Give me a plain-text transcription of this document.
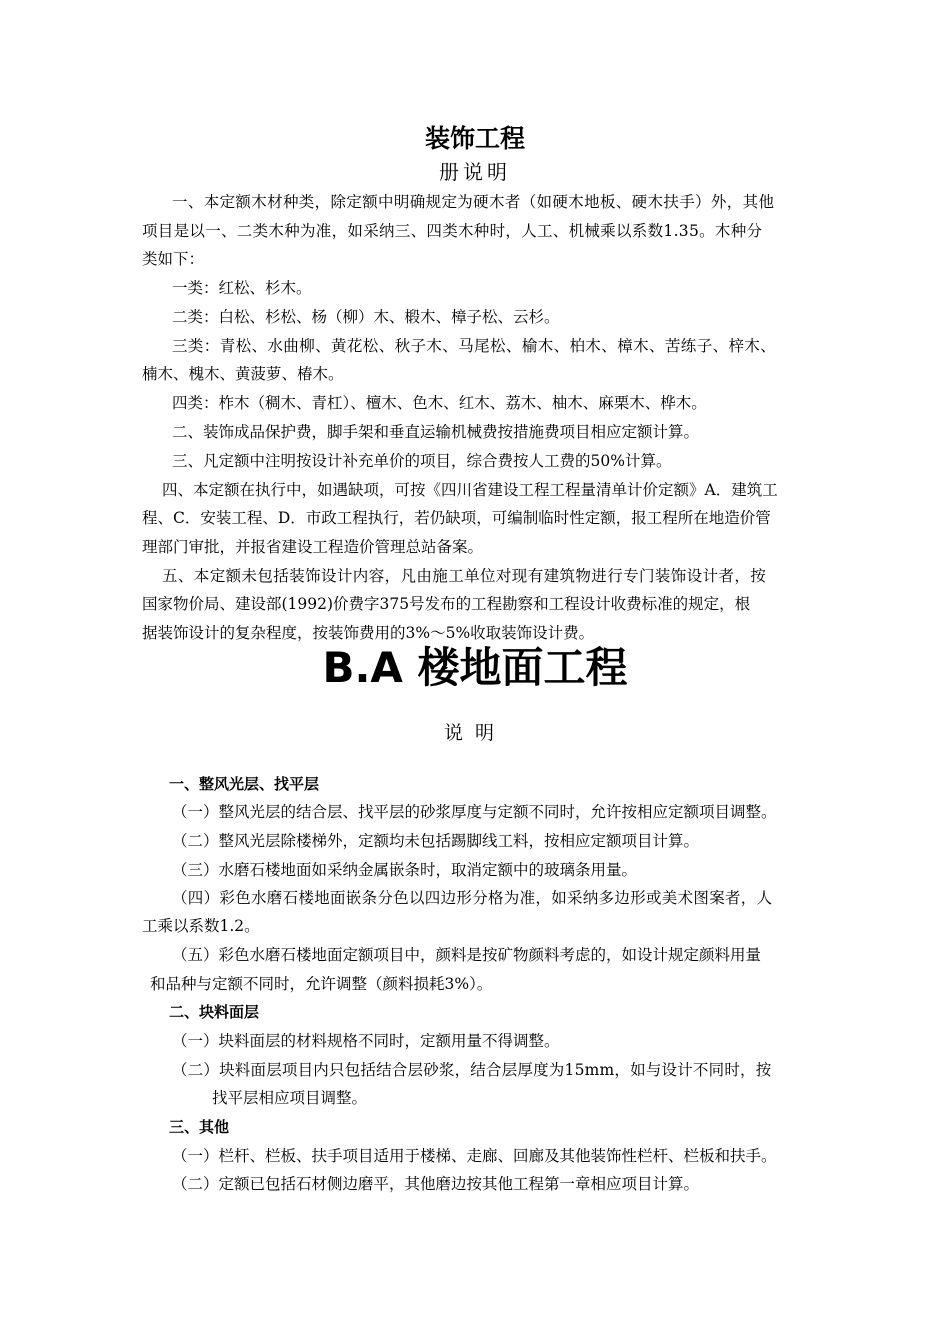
装饰工程
册说明
一、本定额木材种类，除定额中明确规定为硬木者（如硬木地板、硬木扶手）外，其他
项目是以一、二类木种为准，如采纳三、四类木种时，人工、机械乘以系数1.35。木种分
类如下：
一类：红松、杉木。
二类：白松、杉松、杨（柳）木、椴木、樟子松、云杉。
三类：青松、水曲柳、黄花松、秋子木、马尾松、榆木、柏木、樟木、苦练子、梓木、
楠木、槐木、黄菠萝、椿木。
四类：柞木（稠木、青杠）、檀木、色木、红木、荔木、柚木、麻栗木、桦木。
二、装饰成品保护费，脚手架和垂直运输机械费按措施费项目相应定额计算。
三、凡定额中注明按设计补充单价的项目，综合费按人工费的50%计算。
四、本定额在执行中，如遇缺项，可按《四川省建设工程工程量清单计价定额》A．建筑工
程、C．安装工程、D．市政工程执行，若仍缺项，可编制临时性定额，报工程所在地造价管
理部门审批，并报省建设工程造价管理总站备案。
五、本定额未包括装饰设计内容，凡由施工单位对现有建筑物进行专门装饰设计者，按
国家物价局、建设部(1992)价费字375号发布的工程勘察和工程设计收费标准的规定，根
据装饰设计的复杂程度，按装饰费用的3%～5%收取装饰设计费。
B.A 楼地面工程
说明
一、整风光层、找平层
（一）整风光层的结合层、找平层的砂浆厚度与定额不同时，允许按相应定额项目调整。
（二）整风光层除楼梯外，定额均未包括踢脚线工料，按相应定额项目计算。
（三）水磨石楼地面如采纳金属嵌条时，取消定额中的玻璃条用量。
（四）彩色水磨石楼地面嵌条分色以四边形分格为准，如采纳多边形或美术图案者，人
工乘以系数1.2。
（五）彩色水磨石楼地面定额项目中，颜料是按矿物颜料考虑的，如设计规定颜料用量
和品种与定额不同时，允许调整（颜料损耗3%）。
二、块料面层
（一）块料面层的材料规格不同时，定额用量不得调整。
（二）块料面层项目内只包括结合层砂浆，结合层厚度为15mm，如与设计不同时，按
找平层相应项目调整。
三、其他
（一）栏杆、栏板、扶手项目适用于楼梯、走廊、回廊及其他装饰性栏杆、栏板和扶手。
（二）定额已包括石材侧边磨平，其他磨边按其他工程第一章相应项目计算。
